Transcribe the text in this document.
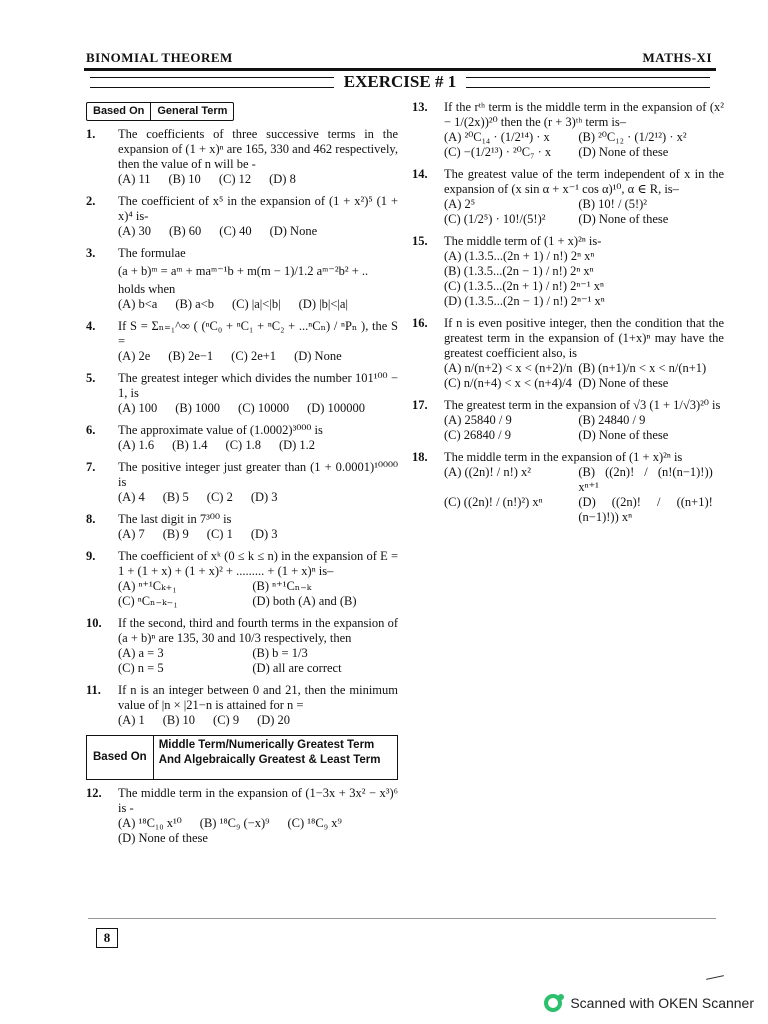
BINOMIAL THEOREM	MATHS-XI
EXERCISE # 1
Based On	General Term
1.	The coefficients of three successive terms in the expansion of (1 + x)ⁿ are 165, 330 and 462 respectively, then the value of n will be -
(A) 11 (B) 10 (C) 12 (D) 8
2.	The coefficient of x⁵ in the expansion of (1 + x²)⁵ (1 + x)⁴ is-
(A) 30 (B) 60 (C) 40 (D) None
3.	The formulae
(a + b)ᵐ = aᵐ + maᵐ⁻¹b + m(m − 1)/1.2 aᵐ⁻²b² + ..
holds when
(A) b<a (B) a<b (C) |a|<|b| (D) |b|<|a|
4.	If S = Σₙ₌₁^∞ ( (ⁿC₀ + ⁿC₁ + ⁿC₂ + ...ⁿCₙ) / ⁿPₙ ), the S =
(A) 2e (B) 2e−1 (C) 2e+1 (D) None
5.	The greatest integer which divides the number 101¹⁰⁰ − 1, is
(A) 100 (B) 1000 (C) 10000 (D) 100000
6.	The approximate value of (1.0002)³⁰⁰⁰ is
(A) 1.6 (B) 1.4 (C) 1.8 (D) 1.2
7.	The positive integer just greater than (1 + 0.0001)¹⁰⁰⁰⁰ is
(A) 4 (B) 5 (C) 2 (D) 3
8.	The last digit in 7³⁰⁰ is
(A) 7 (B) 9 (C) 1 (D) 3
9.	The coefficient of xᵏ (0 ≤ k ≤ n) in the expansion of E = 1 + (1 + x) + (1 + x)² + ......... + (1 + x)ⁿ is–
(A) ⁿ⁺¹Cₖ₊₁	(B) ⁿ⁺¹Cₙ₋ₖ
(C) ⁿCₙ₋ₖ₋₁	(D) both (A) and (B)
10.	If the second, third and fourth terms in the expansion of (a + b)ⁿ are 135, 30 and 10/3 respectively, then
(A) a = 3	(B) b = 1/3
(C) n = 5	(D) all are correct
11.	If n is an integer between 0 and 21, then the minimum value of |n × |21−n is attained for n =
(A) 1 (B) 10 (C) 9 (D) 20
Based On
Middle Term/Numerically Greatest Term And Algebraically Greatest & Least Term
12.	The middle term in the expansion of (1−3x + 3x² − x³)⁶ is -
(A) ¹⁸C₁₀ x¹⁰ (B) ¹⁸C₉ (−x)⁹ (C) ¹⁸C₉ x⁹
(D) None of these
13.	If the rᵗʰ term is the middle term in the expansion of (x² − 1/(2x))²⁰ then the (r + 3)ᵗʰ term is–
(A) ²⁰C₁₄ · (1/2¹⁴) · x	(B) ²⁰C₁₂ · (1/2¹²) · x²
(C) −(1/2¹³) · ²⁰C₇ · x	(D) None of these
14.	The greatest value of the term independent of x in the expansion of (x sin α + x⁻¹ cos α)¹⁰, α ∈ R, is–
(A) 2⁵	(B) 10! / (5!)²
(C) (1/2⁵) · 10!/(5!)²	(D) None of these
15.	The middle term of (1 + x)²ⁿ is-
(A) (1.3.5...(2n + 1) / n!) 2ⁿ xⁿ
(B) (1.3.5...(2n − 1) / n!) 2ⁿ xⁿ
(C) (1.3.5...(2n + 1) / n!) 2ⁿ⁻¹ xⁿ
(D) (1.3.5...(2n − 1) / n!) 2ⁿ⁻¹ xⁿ
16.	If n is even positive integer, then the condition that the greatest term in the expansion of (1+x)ⁿ may have the greatest coefficient also, is
(A) n/(n+2) < x < (n+2)/n (B) (n+1)/n < x < n/(n+1)
(C) n/(n+4) < x < (n+4)/4 (D) None of these
17.	The greatest term in the expansion of √3 (1 + 1/√3)²⁰ is
(A) 25840 / 9	(B) 24840 / 9
(C) 26840 / 9	(D) None of these
18.	The middle term in the expansion of (1 + x)²ⁿ is
(A) ((2n)! / n!) x²	(B) ((2n)! / (n!(n−1)!)) xⁿ⁺¹
(C) ((2n)! / (n!)²) xⁿ	(D) ((2n)! / ((n+1)!(n−1)!)) xⁿ
8
Scanned with OKEN Scanner
